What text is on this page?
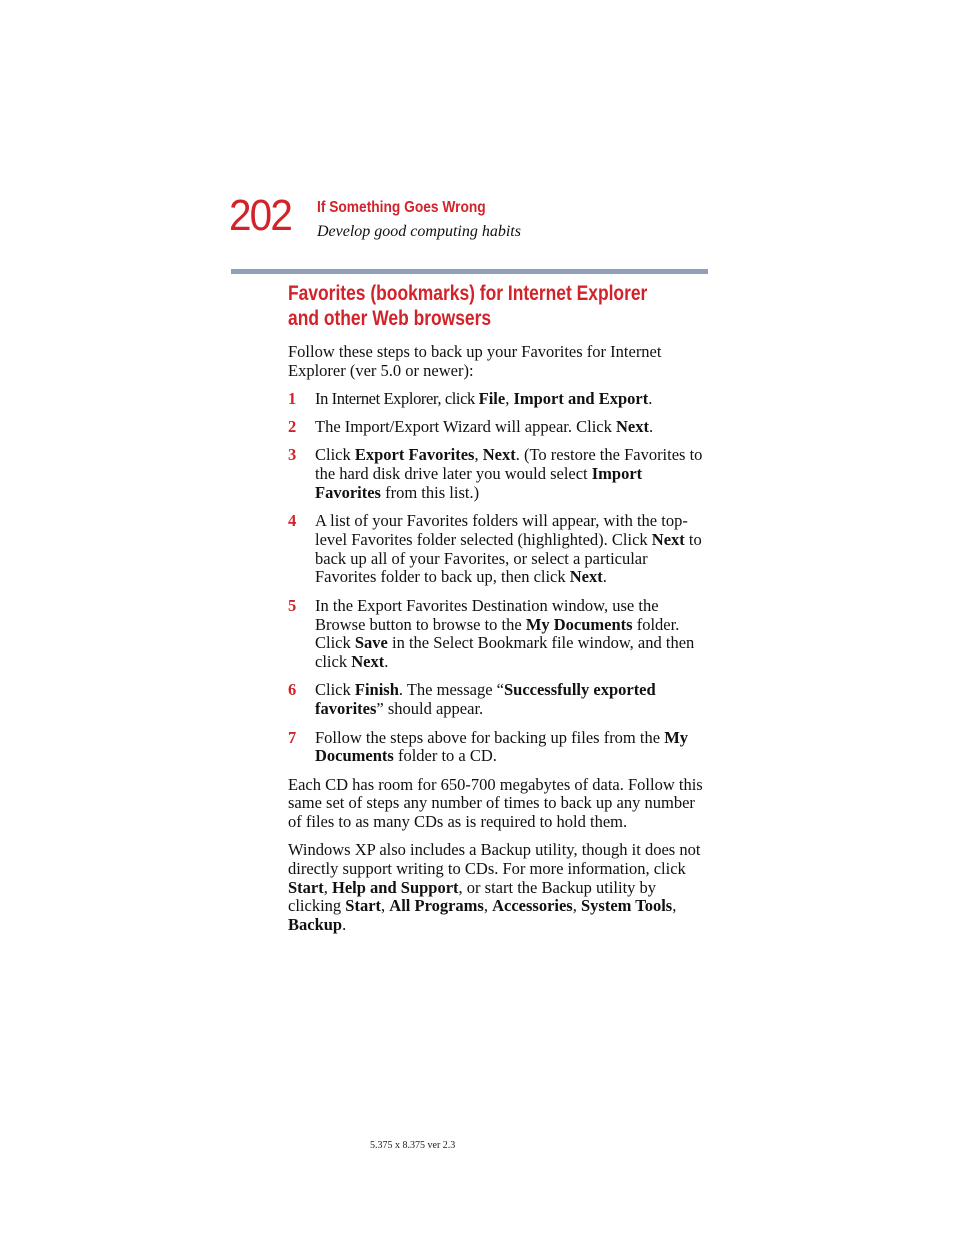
202 If Something Goes Wrong
Develop good computing habits
Favorites (bookmarks) for Internet Explorer and other Web browsers

Follow these steps to back up your Favorites for Internet Explorer (ver 5.0 or newer):

1 In Internet Explorer, click File, Import and Export.
2 The Import/Export Wizard will appear. Click Next.
3 Click Export Favorites, Next. (To restore the Favorites to the hard disk drive later you would select Import Favorites from this list.)
4 A list of your Favorites folders will appear, with the top-level Favorites folder selected (highlighted). Click Next to back up all of your Favorites, or select a particular Favorites folder to back up, then click Next.
5 In the Export Favorites Destination window, use the Browse button to browse to the My Documents folder. Click Save in the Select Bookmark file window, and then click Next.
6 Click Finish. The message “Successfully exported favorites” should appear.
7 Follow the steps above for backing up files from the My Documents folder to a CD.

Each CD has room for 650-700 megabytes of data. Follow this same set of steps any number of times to back up any number of files to as many CDs as is required to hold them.

Windows XP also includes a Backup utility, though it does not directly support writing to CDs. For more information, click Start, Help and Support, or start the Backup utility by clicking Start, All Programs, Accessories, System Tools, Backup.

5.375 x 8.375 ver 2.3
